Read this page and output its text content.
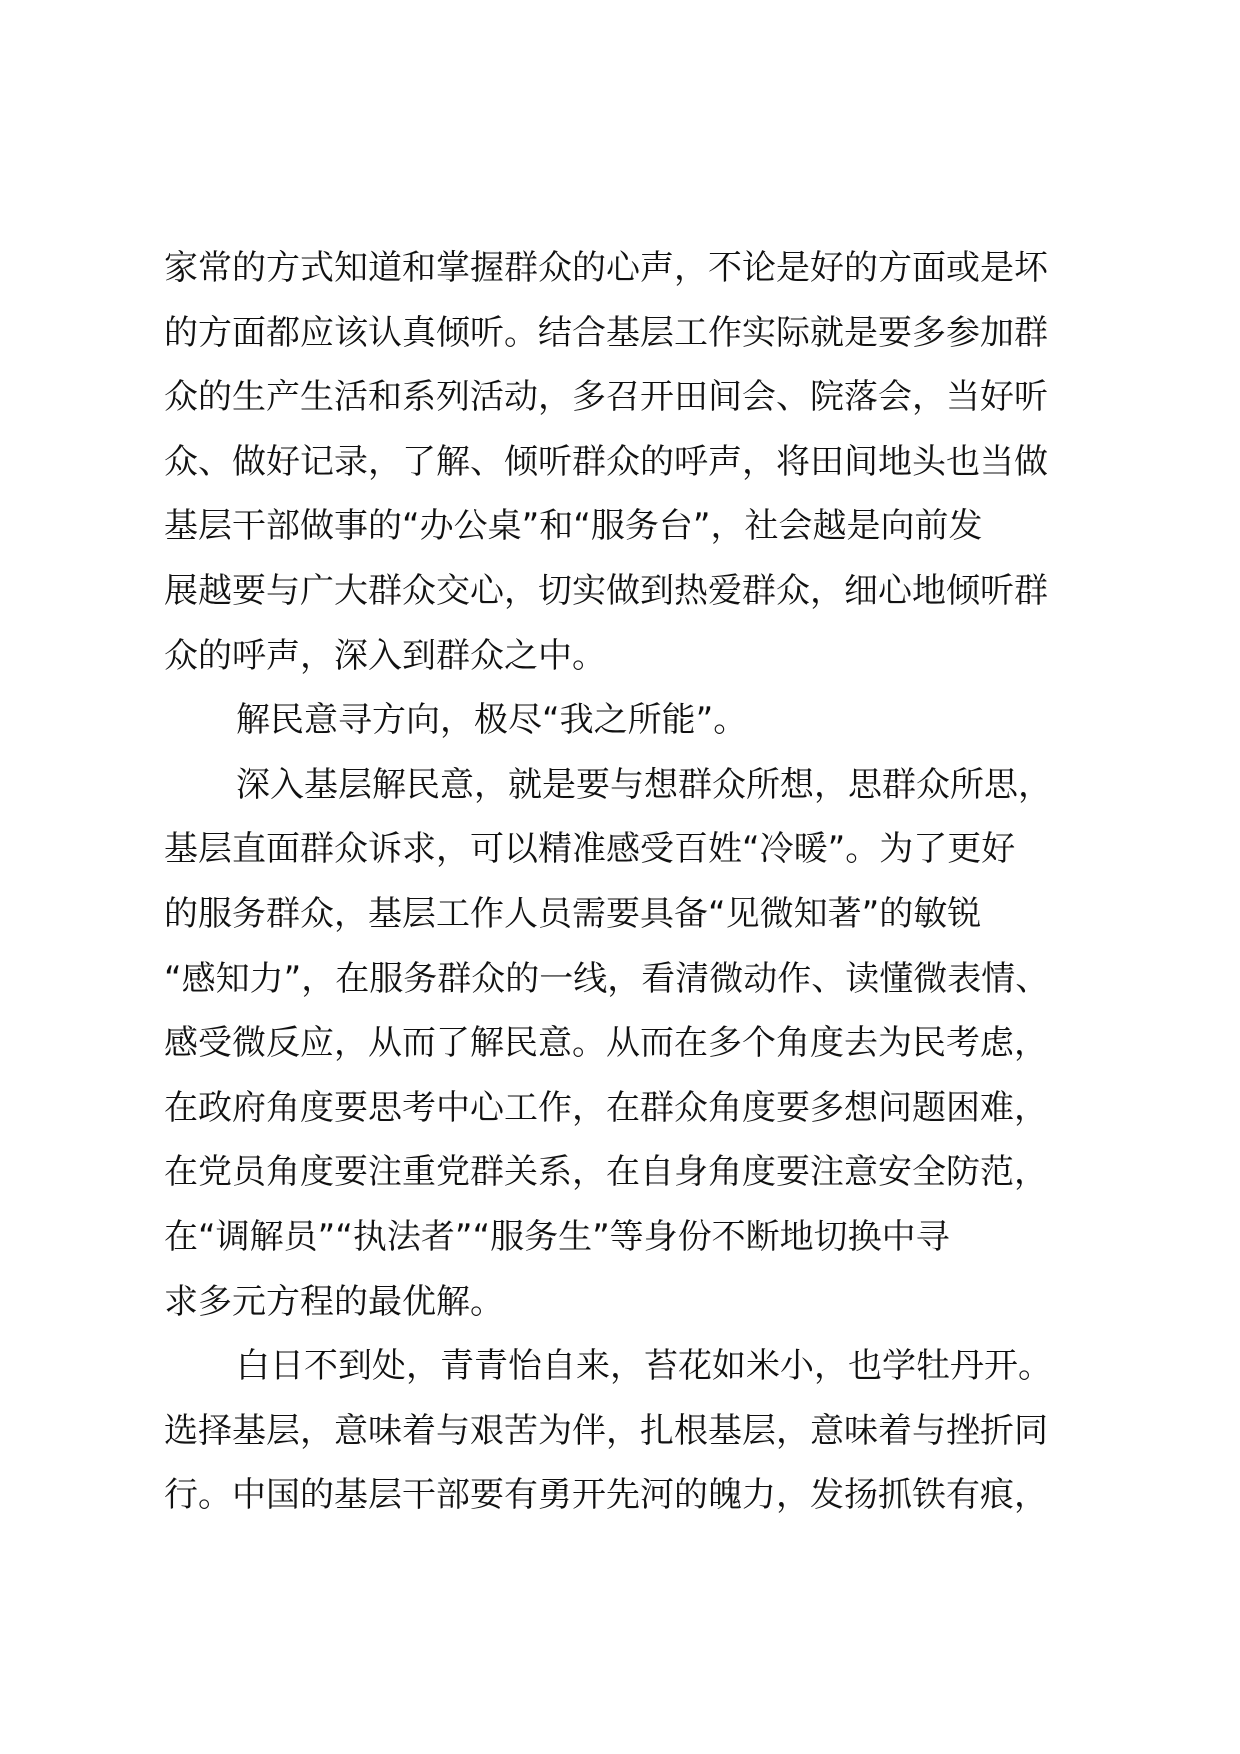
家常的方式知道和掌握群众的心声，不论是好的方面或是坏

的方面都应该认真倾听。结合基层工作实际就是要多参加群

众的生产生活和系列活动，多召开田间会、院落会，当好听

众、做好记录，了解、倾听群众的呼声，将田间地头也当做

基层干部做事的“办公桌”和“服务台”，社会越是向前发

展越要与广大群众交心，切实做到热爱群众，细心地倾听群

众的呼声，深入到群众之中。

解民意寻方向，极尽“我之所能”。

深入基层解民意，就是要与想群众所想，思群众所思，

基层直面群众诉求，可以精准感受百姓“冷暖”。为了更好

的服务群众，基层工作人员需要具备“见微知著”的敏锐

“感知力”，在服务群众的一线，看清微动作、读懂微表情、

感受微反应，从而了解民意。从而在多个角度去为民考虑，

在政府角度要思考中心工作，在群众角度要多想问题困难，

在党员角度要注重党群关系，在自身角度要注意安全防范，

在“调解员”“执法者”“服务生”等身份不断地切换中寻

求多元方程的最优解。

白日不到处，青青怡自来，苔花如米小，也学牡丹开。

选择基层，意味着与艰苦为伴，扎根基层，意味着与挫折同

行。中国的基层干部要有勇开先河的魄力，发扬抓铁有痕，
